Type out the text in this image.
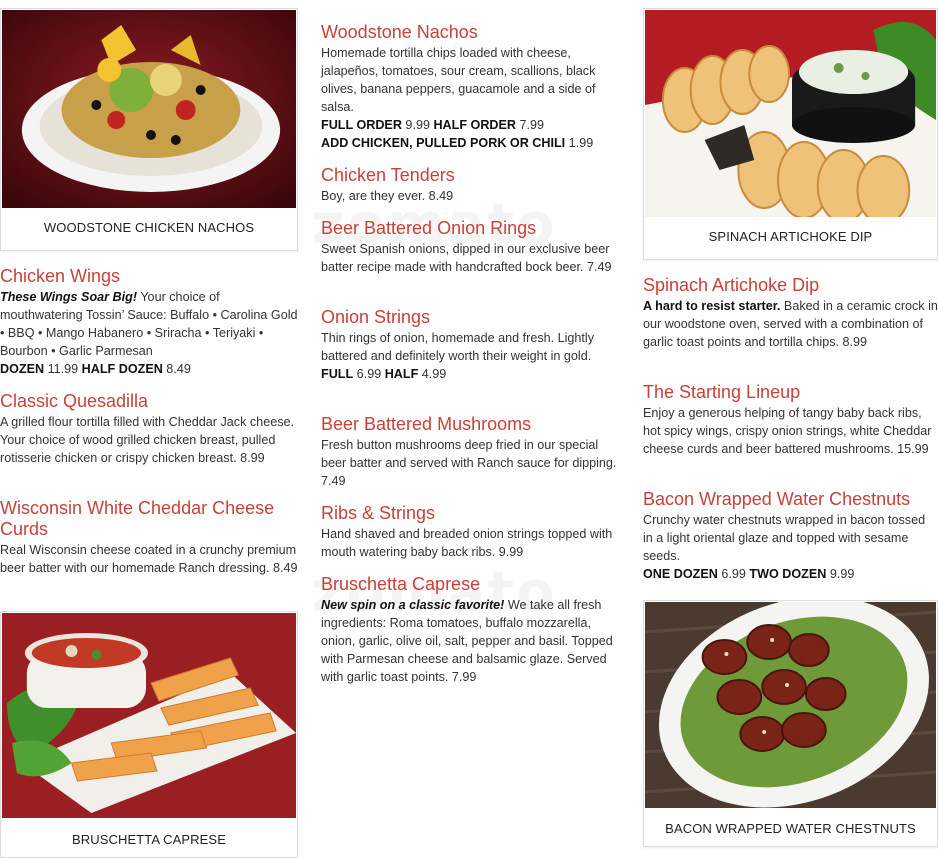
WOODSTONE CHICKEN NACHOS
Chicken Wings

These Wings Soar Big! Your choice of mouthwatering Tossin’ Sauce: Buffalo • Carolina Gold • BBQ • Mango Habanero • Sriracha • Teriyaki • Bourbon • Garlic Parmesan
DOZEN 11.99 HALF DOZEN 8.49

Classic Quesadilla

A grilled flour tortilla filled with Cheddar Jack cheese. Your choice of wood grilled chicken breast, pulled rotisserie chicken or crispy chicken breast. 8.99

Wisconsin White Cheddar Cheese Curds

Real Wisconsin cheese coated in a crunchy premium beer batter with our homemade Ranch dressing. 8.49

BRUSCHETTA CAPRESE
Woodstone Nachos

Homemade tortilla chips loaded with cheese, jalapeños, tomatoes, sour cream, scallions, black olives, banana peppers, guacamole and a side of salsa.
FULL ORDER 9.99 HALF ORDER 7.99
ADD CHICKEN, PULLED PORK OR CHILI 1.99

Chicken Tenders

Boy, are they ever. 8.49

Beer Battered Onion Rings

Sweet Spanish onions, dipped in our exclusive beer batter recipe made with handcrafted bock beer. 7.49

Onion Strings

Thin rings of onion, homemade and fresh. Lightly battered and definitely worth their weight in gold.
FULL 6.99 HALF 4.99

Beer Battered Mushrooms

Fresh button mushrooms deep fried in our special beer batter and served with Ranch sauce for dipping. 7.49

Ribs & Strings

Hand shaved and breaded onion strings topped with mouth watering baby back ribs. 9.99

Bruschetta Caprese

New spin on a classic favorite! We take all fresh ingredients: Roma tomatoes, buffalo mozzarella, onion, garlic, olive oil, salt, pepper and basil. Topped with Parmesan cheese and balsamic glaze. Served with garlic toast points. 7.99

SPINACH ARTICHOKE DIP
Spinach Artichoke Dip

A hard to resist starter. Baked in a ceramic crock in our woodstone oven, served with a combination of garlic toast points and tortilla chips. 8.99

The Starting Lineup

Enjoy a generous helping of tangy baby back ribs, hot spicy wings, crispy onion strings, white Cheddar cheese curds and beer battered mushrooms. 15.99

Bacon Wrapped Water Chestnuts

Crunchy water chestnuts wrapped in bacon tossed in a light oriental glaze and topped with sesame seeds.
ONE DOZEN 6.99 TWO DOZEN 9.99

BACON WRAPPED WATER CHESTNUTS
